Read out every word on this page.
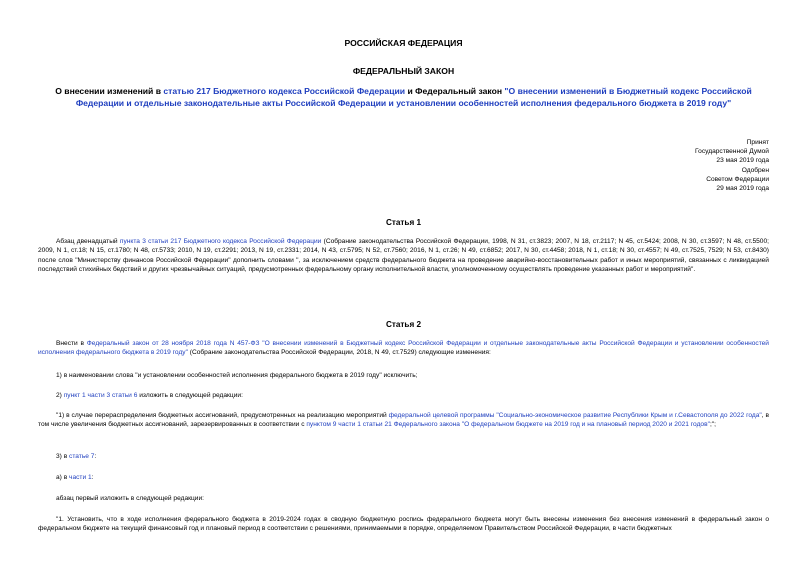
РОССИЙСКАЯ ФЕДЕРАЦИЯ
ФЕДЕРАЛЬНЫЙ ЗАКОН
О внесении изменений в статью 217 Бюджетного кодекса Российской Федерации и Федеральный закон "О внесении изменений в Бюджетный кодекс Российской Федерации и отдельные законодательные акты Российской Федерации и установлении особенностей исполнения федерального бюджета в 2019 году"
Принят
Государственной Думой
23 мая 2019 года
Одобрен
Советом Федерации
29 мая 2019 года
Статья 1
Абзац двенадцатый пункта 3 статьи 217 Бюджетного кодекса Российской Федерации (Собрание законодательства Российской Федерации, 1998, N 31, ст.3823; 2007, N 18, ст.2117; N 45, ст.5424; 2008, N 30, ст.3597; N 48, ст.5500; 2009, N 1, ст.18; N 15, ст.1780; N 48, ст.5733; 2010, N 19, ст.2291; 2013, N 19, ст.2331; 2014, N 43, ст.5795; N 52, ст.7560; 2016, N 1, ст.26; N 49, ст.6852; 2017, N 30, ст.4458; 2018, N 1, ст.18; N 30, ст.4557; N 49, ст.7525, 7529; N 53, ст.8430) после слов "Министерству финансов Российской Федерации" дополнить словами ", за исключением средств федерального бюджета на проведение аварийно-восстановительных работ и иных мероприятий, связанных с ликвидацией последствий стихийных бедствий и других чрезвычайных ситуаций, предусмотренных федеральному органу исполнительной власти, уполномоченному осуществлять проведение указанных работ и мероприятий".
Статья 2
Внести в Федеральный закон от 28 ноября 2018 года N 457-ФЗ "О внесении изменений в Бюджетный кодекс Российской Федерации и отдельные законодательные акты Российской Федерации и установлении особенностей исполнения федерального бюджета в 2019 году" (Собрание законодательства Российской Федерации, 2018, N 49, ст.7529) следующие изменения:
1) в наименовании слова "и установлении особенностей исполнения федерального бюджета в 2019 году" исключить;
2) пункт 1 части 3 статьи 6 изложить в следующей редакции:
"1) в случае перераспределения бюджетных ассигнований, предусмотренных на реализацию мероприятий федеральной целевой программы "Социально-экономическое развитие Республики Крым и г.Севастополя до 2022 года", в том числе увеличения бюджетных ассигнований, зарезервированных в соответствии с пунктом 9 части 1 статьи 21 Федерального закона "О федеральном бюджете на 2019 год и на плановый период 2020 и 2021 годов";";
3) в статье 7:
а) в части 1:
абзац первый изложить в следующей редакции:
"1. Установить, что в ходе исполнения федерального бюджета в 2019-2024 годах в сводную бюджетную роспись федерального бюджета могут быть внесены изменения без внесения изменений в федеральный закон о федеральном бюджете на текущий финансовый год и плановый период в соответствии с решениями, принимаемыми в порядке, определяемом Правительством Российской Федерации, в части бюджетных
